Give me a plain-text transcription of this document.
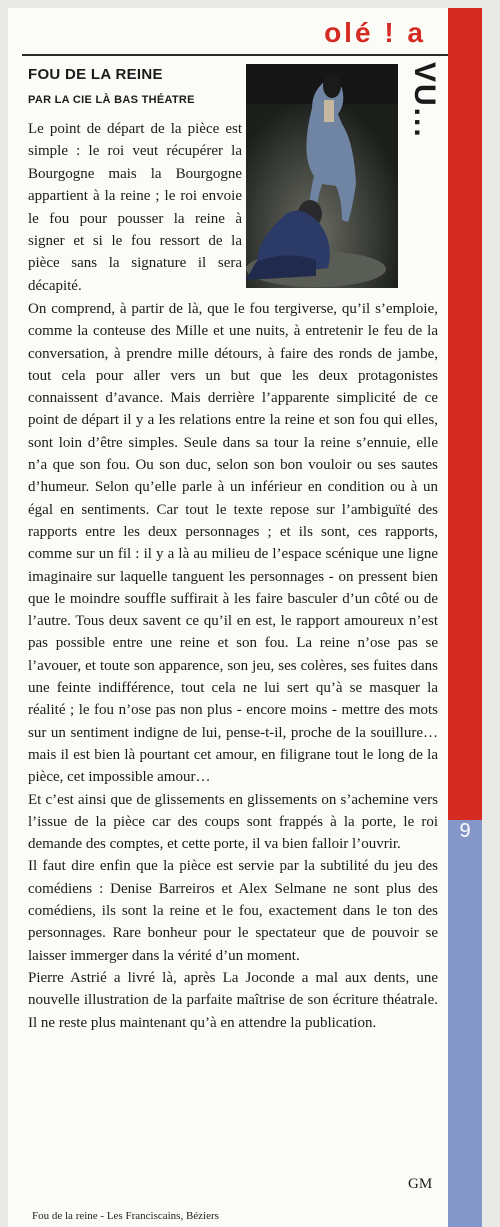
9
olé ! a
VU...
FOU DE LA REINE
PAR LA CIE LÀ BAS THÉATRE

Le point de départ de la pièce est simple : le roi veut récupérer la Bourgogne mais la Bourgogne appartient à la reine ; le roi envoie le fou pour pousser la reine à signer et si le fou ressort de la pièce sans la signature il sera décapité.

On comprend, à partir de là, que le fou tergiverse, qu’il s’emploie, comme la conteuse des Mille et une nuits, à entretenir le feu de la conversation, à prendre mille détours, à faire des ronds de jambe, tout cela pour aller vers un but que les deux protagonistes connaissent d’avance. Mais derrière l’apparente simplicité de ce point de départ il y a les relations entre la reine et son fou qui elles, sont loin d’être simples. Seule dans sa tour la reine s’ennuie, elle n’a que son fou. Ou son duc, selon son bon vouloir ou ses sautes d’humeur. Selon qu’elle parle à un inférieur en condition ou à un égal en sentiments. Car tout le texte repose sur l’ambiguïté des rapports entre les deux personnages ; et ils sont, ces rapports, comme sur un fil : il y a là au milieu de l’espace scénique une ligne imaginaire sur laquelle tanguent les personnages - on pressent bien que le moindre souffle suffirait à les faire basculer d’un côté ou de l’autre. Tous deux savent ce qu’il en est, le rapport amoureux n’est pas possible entre une reine et son fou. La reine n’ose pas se l’avouer, et toute son apparence, son jeu, ses colères, ses fuites dans une feinte indifférence, tout cela ne lui sert qu’à se masquer la réalité ; le fou n’ose pas non plus - encore moins - mettre des mots sur un sentiment indigne de lui, pense-t-il, proche de la souillure… mais il est bien là pourtant cet amour, en filigrane tout le long de la pièce, cet impossible amour…

Et c’est ainsi que de glissements en glissements on s’achemine vers l’issue de la pièce car des coups sont frappés à la porte, le roi demande des comptes, et cette porte, il va bien falloir l’ouvrir.

Il faut dire enfin que la pièce est servie par la subtilité du jeu des comédiens : Denise Barreiros et Alex Selmane ne sont plus des comédiens, ils sont la reine et le fou, exactement dans le ton des personnages. Rare bonheur pour le spectateur que de pouvoir se laisser immerger dans la vérité d’un moment.

Pierre Astrié a livré là, après La Joconde a mal aux dents, une nouvelle illustration de la parfaite maîtrise de son écriture théatrale. Il ne reste plus maintenant qu’à en attendre la publication.

GM
Fou de la reine - Les Franciscains, Béziers
